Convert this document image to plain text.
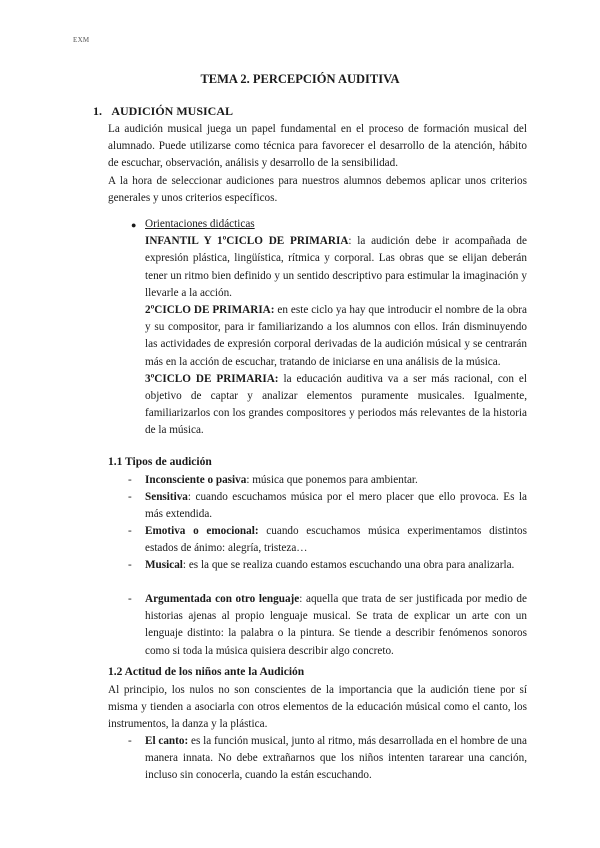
EXM
TEMA 2. PERCEPCIÓN AUDITIVA
1. AUDICIÓN MUSICAL
La audición musical juega un papel fundamental en el proceso de formación musical del alumnado. Puede utilizarse como técnica para favorecer el desarrollo de la atención, hábito de escuchar, observación, análisis y desarrollo de la sensibilidad.
A la hora de seleccionar audiciones para nuestros alumnos debemos aplicar unos criterios generales y unos criterios específicos.
● Orientaciones didácticas
INFANTIL Y 1ºCICLO DE PRIMARIA: la audición debe ir acompañada de expresión plástica, lingüística, rítmica y corporal. Las obras que se elijan deberán tener un ritmo bien definido y un sentido descriptivo para estimular la imaginación y llevarle a la acción.
2ºCICLO DE PRIMARIA: en este ciclo ya hay que introducir el nombre de la obra y su compositor, para ir familiarizando a los alumnos con ellos. Irán disminuyendo las actividades de expresión corporal derivadas de la audición músical y se centrarán más en la acción de escuchar, tratando de iniciarse en una análisis de la música.
3ºCICLO DE PRIMARIA: la educación auditiva va a ser más racional, con el objetivo de captar y analizar elementos puramente musicales. Igualmente, familiarizarlos con los grandes compositores y periodos más relevantes de la historia de la música.
1.1 Tipos de audición
- Inconsciente o pasiva: música que ponemos para ambientar.
- Sensitiva: cuando escuchamos música por el mero placer que ello provoca. Es la más extendida.
- Emotiva o emocional: cuando escuchamos música experimentamos distintos estados de ánimo: alegría, tristeza…
- Musical: es la que se realiza cuando estamos escuchando una obra para analizarla.
- Argumentada con otro lenguaje: aquella que trata de ser justificada por medio de historias ajenas al propio lenguaje musical. Se trata de explicar un arte con un lenguaje distinto: la palabra o la pintura. Se tiende a describir fenómenos sonoros como si toda la música quisiera describir algo concreto.
1.2 Actitud de los niños ante la Audición
Al principio, los nulos no son conscientes de la importancia que la audición tiene por sí misma y tienden a asociarla con otros elementos de la educación músical como el canto, los instrumentos, la danza y la plástica.
- El canto: es la función musical, junto al ritmo, más desarrollada en el hombre de una manera innata. No debe extrañarnos que los niños intenten tararear una canción, incluso sin conocerla, cuando la están escuchando.
